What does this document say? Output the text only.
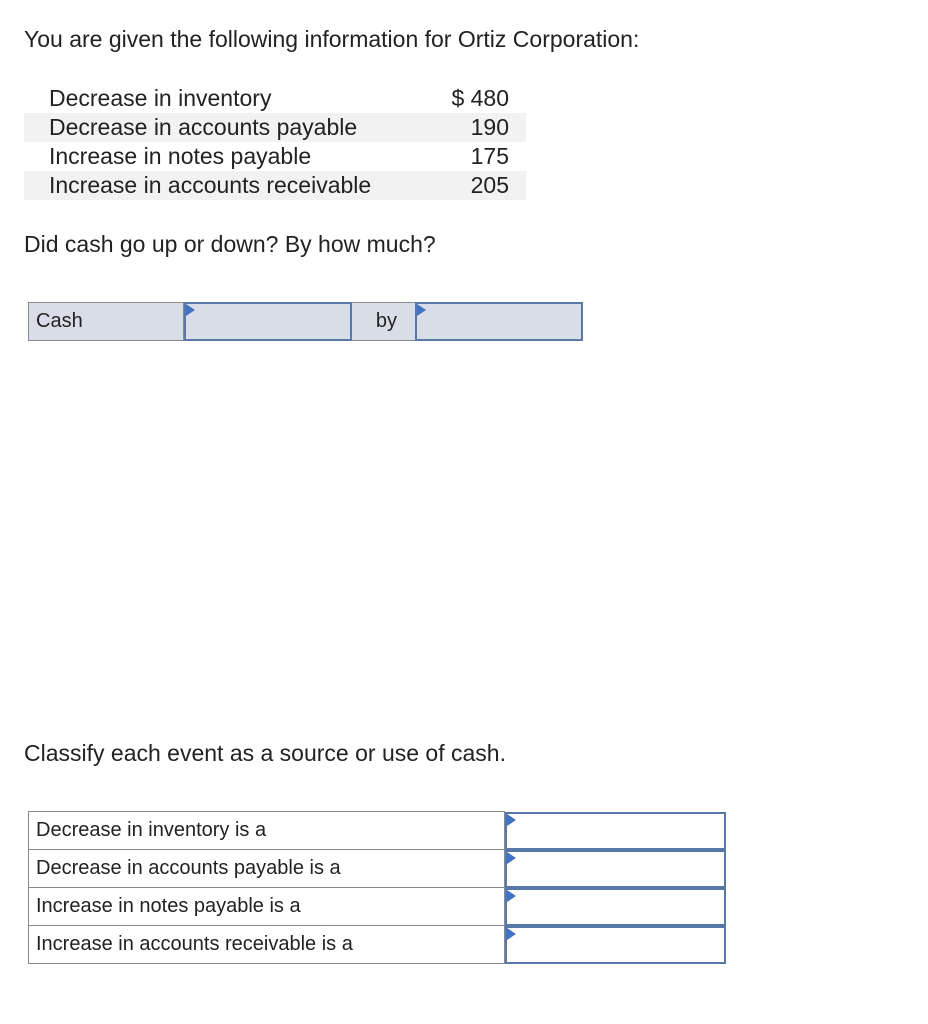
You are given the following information for Ortiz Corporation:

Decrease in inventory	$ 480
Decrease in accounts payable	190
Increase in notes payable	175
Increase in accounts receivable	205

Did cash go up or down? By how much?

Cash	by

Classify each event as a source or use of cash.

Decrease in inventory is a	

Decrease in accounts payable is a	

Increase in notes payable is a	

Increase in accounts receivable is a	
